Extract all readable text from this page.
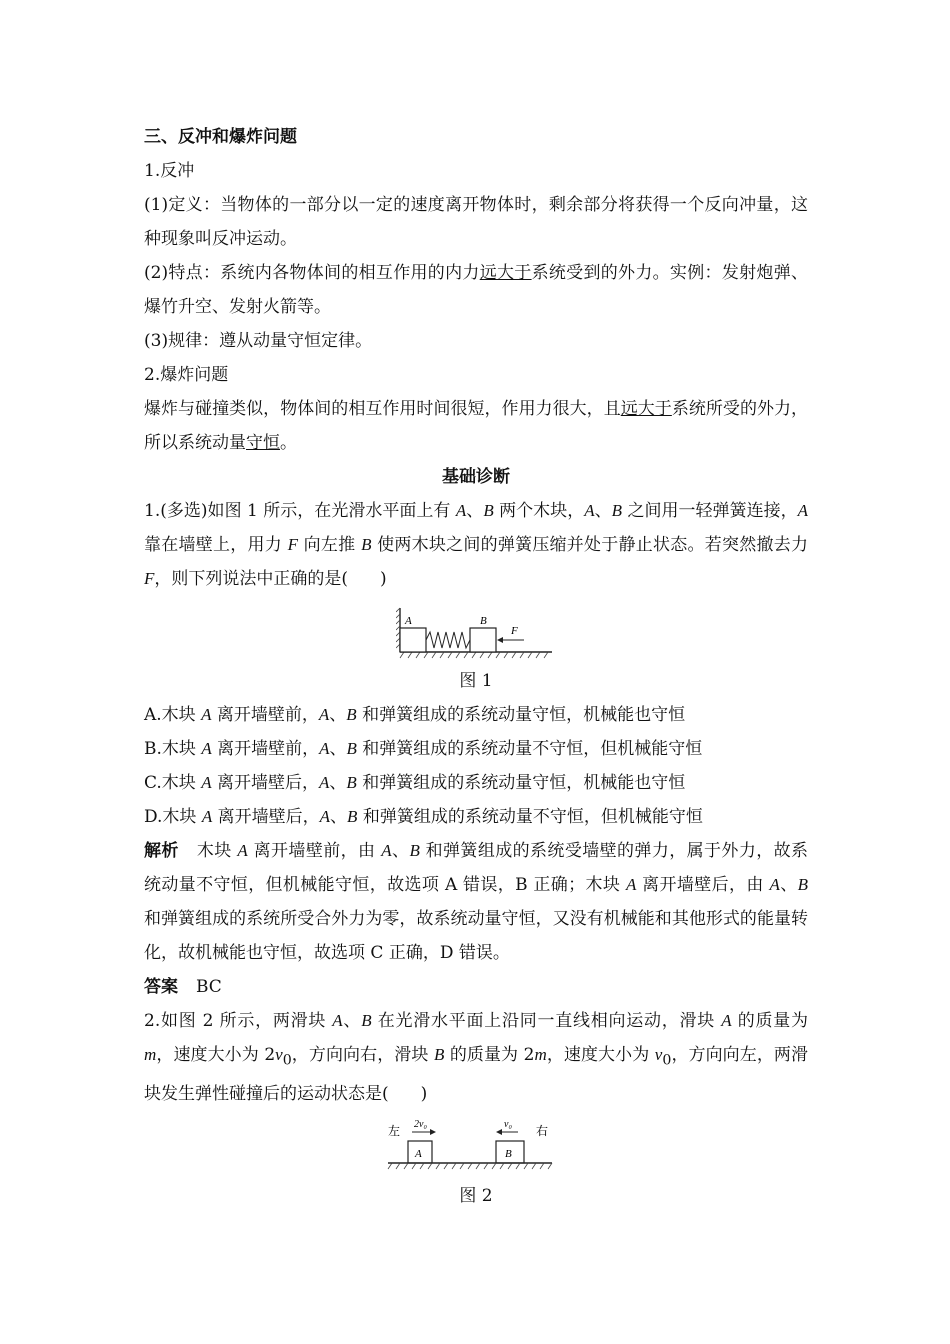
三、反冲和爆炸问题

1.反冲

(1)定义：当物体的一部分以一定的速度离开物体时，剩余部分将获得一个反向冲量，这种现象叫反冲运动。

(2)特点：系统内各物体间的相互作用的内力远大于系统受到的外力。实例：发射炮弹、爆竹升空、发射火箭等。

(3)规律：遵从动量守恒定律。

2.爆炸问题

爆炸与碰撞类似，物体间的相互作用时间很短，作用力很大，且远大于系统所受的外力，所以系统动量守恒。

基础诊断

1.(多选)如图 1 所示，在光滑水平面上有 A、B 两个木块，A、B 之间用一轻弹簧连接，A 靠在墙壁上，用力 F 向左推 B 使两木块之间的弹簧压缩并处于静止状态。若突然撤去力 F，则下列说法中正确的是( )

A	B
F

图 1

A.木块 A 离开墙壁前，A、B 和弹簧组成的系统动量守恒，机械能也守恒

B.木块 A 离开墙壁前，A、B 和弹簧组成的系统动量不守恒，但机械能守恒

C.木块 A 离开墙壁后，A、B 和弹簧组成的系统动量守恒，机械能也守恒

D.木块 A 离开墙壁后，A、B 和弹簧组成的系统动量不守恒，但机械能守恒

解析 木块 A 离开墙壁前，由 A、B 和弹簧组成的系统受墙壁的弹力，属于外力，故系统动量不守恒，但机械能守恒，故选项 A 错误，B 正确；木块 A 离开墙壁后，由 A、B 和弹簧组成的系统所受合外力为零，故系统动量守恒，又没有机械能和其他形式的能量转化，故机械能也守恒，故选项 C 正确，D 错误。

答案 BC

2.如图 2 所示，两滑块 A、B 在光滑水平面上沿同一直线相向运动，滑块 A 的质量为 m，速度大小为 $2v_0$，方向向右，滑块 B 的质量为 2m，速度大小为 $v_0$，方向向左，两滑块发生弹性碰撞后的运动状态是( )

左	右
2v₀	v₀
A	B

图 2
